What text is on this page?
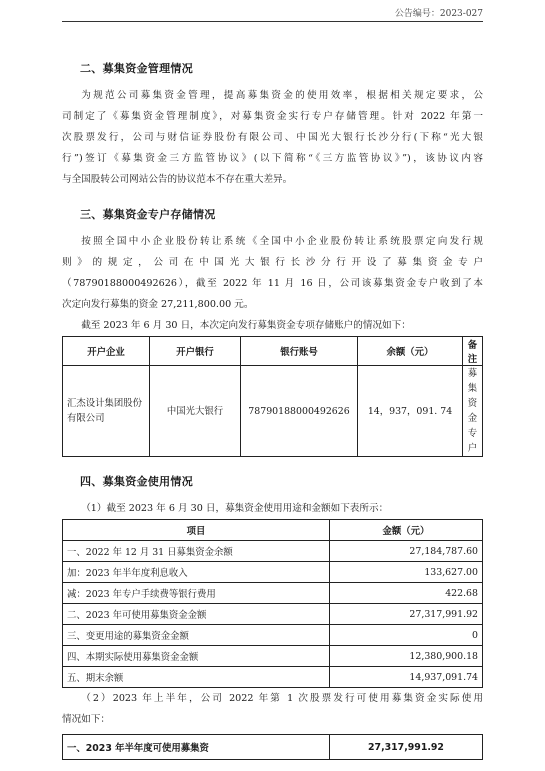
公告编号：2023-027
二、募集资金管理情况

为规范公司募集资金管理，提高募集资金的使用效率，根据相关规定要求，公

司制定了《募集资金管理制度》，对募集资金实行专户存储管理。针对 2022 年第一

次股票发行，公司与财信证券股份有限公司、中国光大银行长沙分行(下称“光大银

行”)签订《募集资金三方监管协议》(以下简称“《三方监管协议》”)，该协议内容

与全国股转公司网站公告的协议范本不存在重大差异。

三、募集资金专户存储情况

按照全国中小企业股份转让系统《全国中小企业股份转让系统股票定向发行规

则》的规定，公司在中国光大银行长沙分行开设了募集资金专户

（78790188000492626），截至 2022 年 11 月 16 日，公司该募集资金专户收到了本

次定向发行募集的资金 27,211,800.00 元。

截至 2023 年 6 月 30 日，本次定向发行募集资金专项存储账户的情况如下：

开户企业	开户银行	银行账号	余额（元）	备注
汇杰设计集团股份有限公司	中国光大银行	78790188000492626	14，937，091. 74	募集资金专户
四、募集资金使用情况

（1）截至 2023 年 6 月 30 日，募集资金使用用途和金额如下表所示：

项目	金额（元）
一、2022 年 12 月 31 日募集资金余额	27,184,787.60
加：2023 年半年度利息收入	133,627.00
减：2023 年专户手续费等银行费用	422.68
二、2023 年可使用募集资金金额	27,317,991.92
三、变更用途的募集资金金额	0
四、本期实际使用募集资金金额	12,380,900.18
五、期末余额	14,937,091.74

（2）2023 年上半年，公司 2022 年第 1 次股票发行可使用募集资金实际使用

情况如下：

一、2023 年半年度可使用募集资	27,317,991.92
